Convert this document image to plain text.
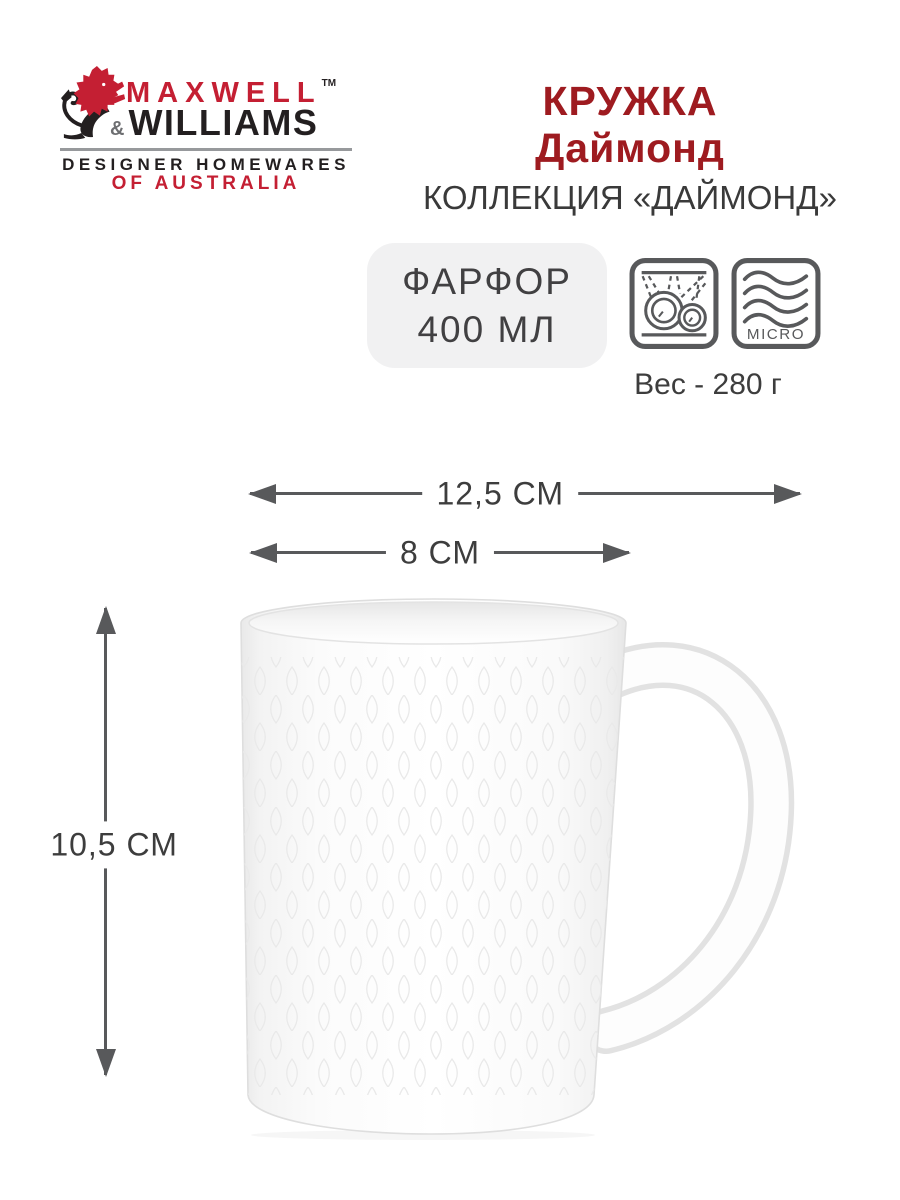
MAXWELL™
& WILLIAMS
DESIGNER HOMEWARES
OF AUSTRALIA
КРУЖКА
Даймонд
КОЛЛЕКЦИЯ «ДАЙМОНД»
ФАРФОР
400 МЛ	MICRO
Вес - 280 г
12,5 СМ
8 СМ
10,5 СМ
